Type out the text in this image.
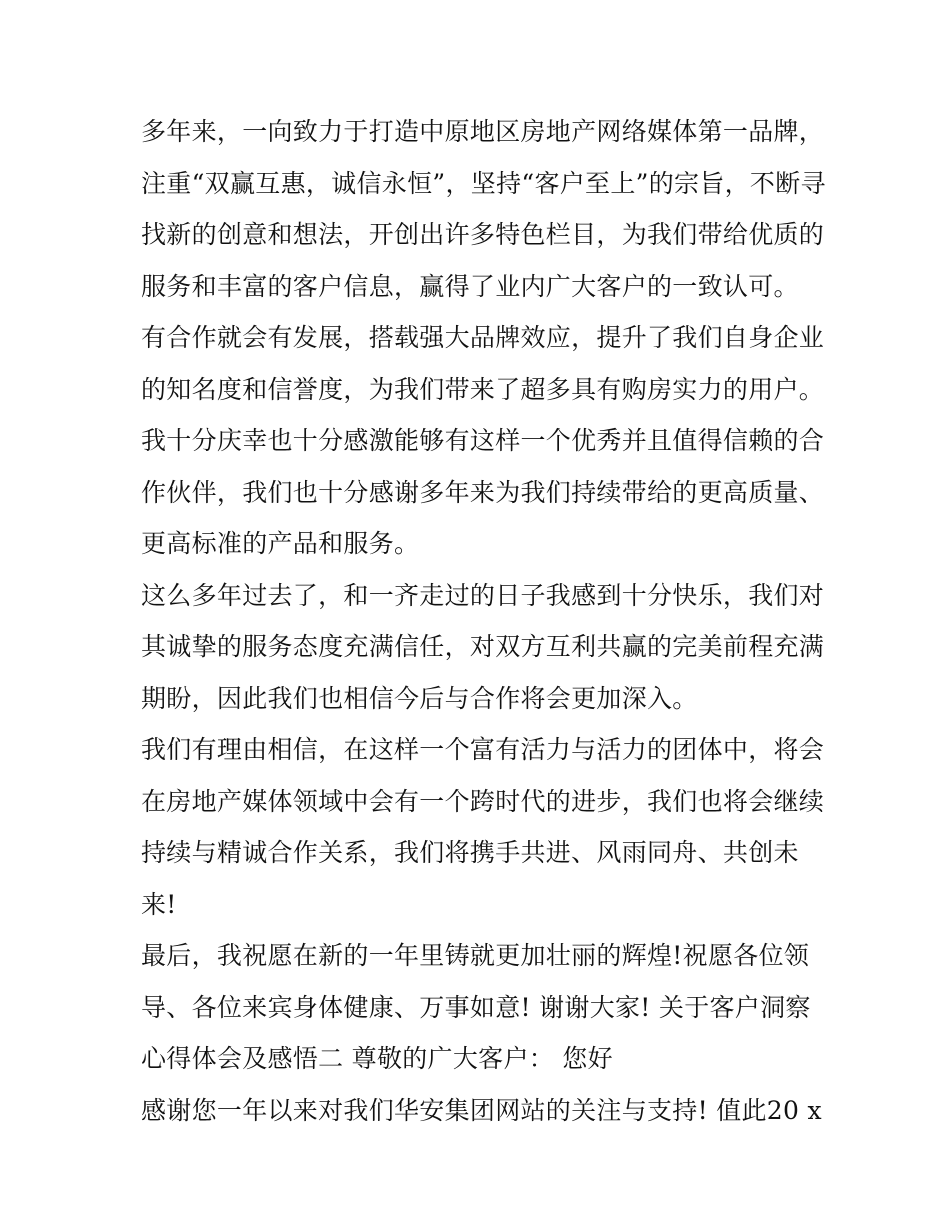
多年来，一向致力于打造中原地区房地产网络媒体第一品牌，
注重“双赢互惠，诚信永恒”，坚持“客户至上”的宗旨，不断寻
找新的创意和想法，开创出许多特色栏目，为我们带给优质的
服务和丰富的客户信息，赢得了业内广大客户的一致认可。
有合作就会有发展，搭载强大品牌效应，提升了我们自身企业
的知名度和信誉度，为我们带来了超多具有购房实力的用户。
我十分庆幸也十分感激能够有这样一个优秀并且值得信赖的合
作伙伴，我们也十分感谢多年来为我们持续带给的更高质量、
更高标准的产品和服务。
这么多年过去了，和一齐走过的日子我感到十分快乐，我们对
其诚挚的服务态度充满信任，对双方互利共赢的完美前程充满
期盼，因此我们也相信今后与合作将会更加深入。
我们有理由相信，在这样一个富有活力与活力的团体中，将会
在房地产媒体领域中会有一个跨时代的进步，我们也将会继续
持续与精诚合作关系，我们将携手共进、风雨同舟、共创未
来!
最后，我祝愿在新的一年里铸就更加壮丽的辉煌!祝愿各位领
导、各位来宾身体健康、万事如意! 谢谢大家! 关于客户洞察
心得体会及感悟二 尊敬的广大客户： 您好
感谢您一年以来对我们华安集团网站的关注与支持! 值此20 x
